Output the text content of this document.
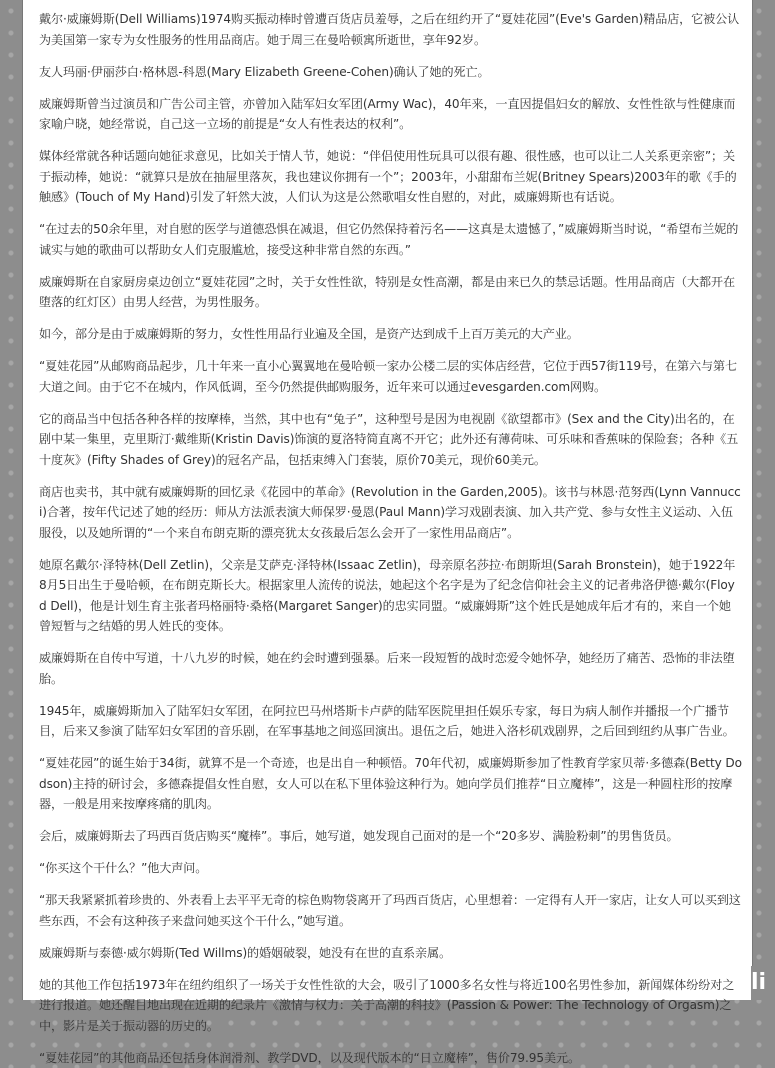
戴尔·威廉姆斯(Dell Williams)1974购买振动棒时曾遭百货店员羞辱，之后在纽约开了“夏娃花园”(Eve's Garden)精品店，它被公认为美国第一家专为女性服务的性用品商店。她于周三在曼哈顿寓所逝世，享年92岁。

友人玛丽·伊丽莎白·格林恩-科恩(Mary Elizabeth Greene-Cohen)确认了她的死亡。

威廉姆斯曾当过演员和广告公司主管，亦曾加入陆军妇女军团(Army Wac)，40年来，一直因提倡妇女的解放、女性性欲与性健康而家喻户晓，她经常说，自己这一立场的前提是“女人有性表达的权利”。

媒体经常就各种话题向她征求意见，比如关于情人节，她说：“伴侣使用性玩具可以很有趣、很性感，也可以让二人关系更亲密”；关于振动棒，她说：“就算只是放在抽屉里落灰，我也建议你拥有一个”；2003年，小甜甜布兰妮(Britney Spears)2003年的歌《手的触感》(Touch of My Hand)引发了轩然大波，人们认为这是公然歌唱女性自慰的，对此，威廉姆斯也有话说。

“在过去的50余年里，对自慰的医学与道德恐惧在减退，但它仍然保持着污名——这真是太遗憾了，”威廉姆斯当时说，“希望布兰妮的诚实与她的歌曲可以帮助女人们克服尴尬，接受这种非常自然的东西。”

威廉姆斯在自家厨房桌边创立“夏娃花园”之时，关于女性性欲，特别是女性高潮，都是由来已久的禁忌话题。性用品商店（大都开在堕落的红灯区）由男人经营，为男性服务。

如今，部分是由于威廉姆斯的努力，女性性用品行业遍及全国，是资产达到成千上百万美元的大产业。

“夏娃花园”从邮购商品起步，几十年来一直小心翼翼地在曼哈顿一家办公楼二层的实体店经营，它位于西57街119号，在第六与第七大道之间。由于它不在城内，作风低调，至今仍然提供邮购服务，近年来可以通过evesgarden.com网购。

它的商品当中包括各种各样的按摩棒，当然，其中也有“兔子”，这种型号是因为电视剧《欲望都市》(Sex and the City)出名的，在剧中某一集里，克里斯汀·戴维斯(Kristin Davis)饰演的夏洛特简直离不开它；此外还有薄荷味、可乐味和香蕉味的保险套；各种《五十度灰》(Fifty Shades of Grey)的冠名产品，包括束缚入门套装，原价70美元，现价60美元。

商店也卖书，其中就有威廉姆斯的回忆录《花园中的革命》(Revolution in the Garden,2005)。该书与林恩·范努西(Lynn Vannucci)合著，按年代记述了她的经历：师从方法派表演大师保罗·曼恩(Paul Mann)学习戏剧表演、加入共产党、参与女性主义运动、入伍服役，以及她所谓的“一个来自布朗克斯的漂亮犹太女孩最后怎么会开了一家性用品商店”。

她原名戴尔·泽特林(Dell Zetlin)，父亲是艾萨克·泽特林(Issaac Zetlin)，母亲原名莎拉·布朗斯坦(Sarah Bronstein)，她于1922年8月5日出生于曼哈顿，在布朗克斯长大。根据家里人流传的说法，她起这个名字是为了纪念信仰社会主义的记者弗洛伊德·戴尔(Floyd Dell)，他是计划生育主张者玛格丽特·桑格(Margaret Sanger)的忠实同盟。“威廉姆斯”这个姓氏是她成年后才有的，来自一个她曾短暂与之结婚的男人姓氏的变体。

威廉姆斯在自传中写道，十八九岁的时候，她在约会时遭到强暴。后来一段短暂的战时恋爱令她怀孕，她经历了痛苦、恐怖的非法堕胎。

1945年，威廉姆斯加入了陆军妇女军团，在阿拉巴马州塔斯卡卢萨的陆军医院里担任娱乐专家，每日为病人制作并播报一个广播节目，后来又参演了陆军妇女军团的音乐剧，在军事基地之间巡回演出。退伍之后，她进入洛杉矶戏剧界，之后回到纽约从事广告业。

“夏娃花园”的诞生始于34街，就算不是一个奇迹，也是出自一种顿悟。70年代初，威廉姆斯参加了性教育学家贝蒂·多德森(Betty Dodson)主持的研讨会，多德森提倡女性自慰，女人可以在私下里体验这种行为。她向学员们推荐“日立魔棒”，这是一种圆柱形的按摩器，一般是用来按摩疼痛的肌肉。

会后，威廉姆斯去了玛西百货店购买“魔棒”。事后，她写道，她发现自己面对的是一个“20多岁、满脸粉刺”的男售货员。

“你买这个干什么？”他大声问。

“那天我紧紧抓着珍贵的、外表看上去平平无奇的棕色购物袋离开了玛西百货店，心里想着：一定得有人开一家店，让女人可以买到这些东西，不会有这种孩子来盘问她买这个干什么，”她写道。

威廉姆斯与泰德·威尔姆斯(Ted Willms)的婚姻破裂，她没有在世的直系亲属。

她的其他工作包括1973年在纽约组织了一场关于女性性欲的大会，吸引了1000多名女性与将近100名男性参加，新闻媒体纷纷对之进行报道。她还醒目地出现在近期的纪录片《激情与权力：关于高潮的科技》(Passion & Power: The Technology of Orgasm)之中，影片是关于振动器的历史的。

“夏娃花园”的其他商品还包括身体润滑剂、教学DVD，以及现代版本的“日立魔棒”，售价79.95美元。

li
